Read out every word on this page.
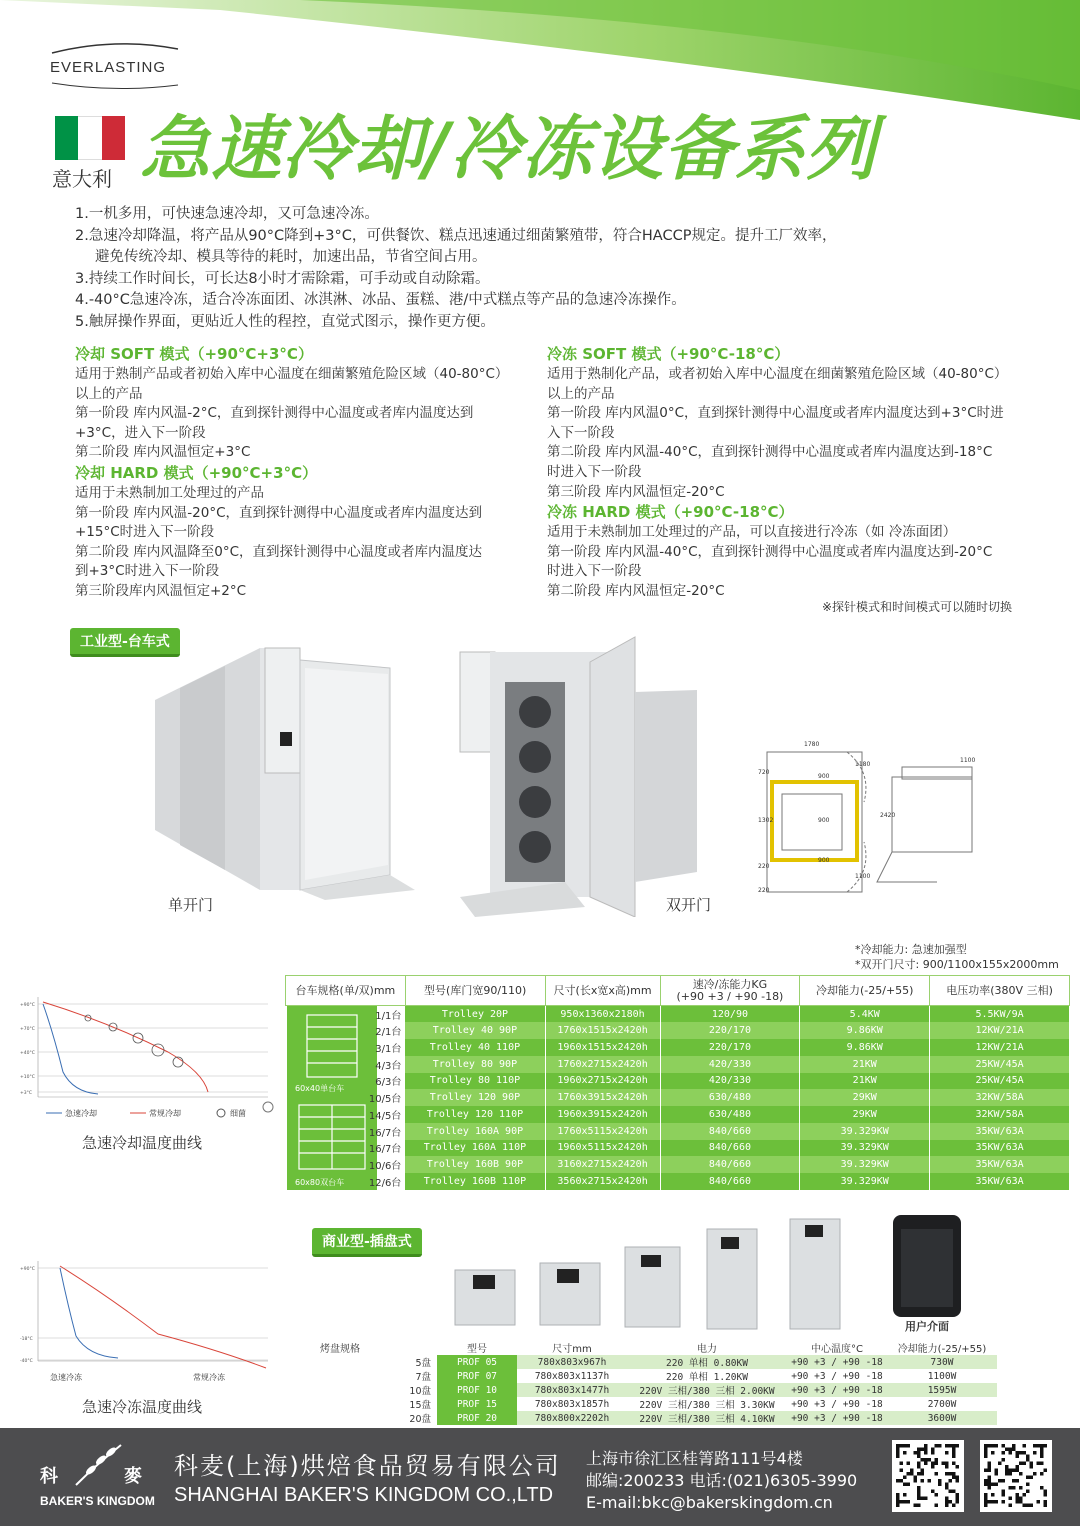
EVERLASTING
意大利 急速冷却/冷冻设备系列
1.一机多用，可快速急速冷却，又可急速冷冻。
2.急速冷却降温，将产品从90°C降到+3°C，可供餐饮、糕点迅速通过细菌繁殖带，符合HACCP规定。提升工厂效率，
避免传统冷却、模具等待的耗时，加速出品，节省空间占用。
3.持续工作时间长，可长达8小时才需除霜，可手动或自动除霜。
4.-40°C急速冷冻，适合冷冻面团、冰淇淋、冰品、蛋糕、港/中式糕点等产品的急速冷冻操作。
5.触屏操作界面，更贴近人性的程控，直觉式图示，操作更方便。
冷却 SOFT 模式（+90°C+3°C）
适用于熟制产品或者初始入库中心温度在细菌繁殖危险区域（40-80°C）
以上的产品
第一阶段 库内风温-2°C，直到探针测得中心温度或者库内温度达到
+3°C，进入下一阶段
第二阶段 库内风温恒定+3°C
冷却 HARD 模式（+90°C+3°C）
适用于未熟制加工处理过的产品
第一阶段 库内风温-20°C，直到探针测得中心温度或者库内温度达到
+15°C时进入下一阶段
第二阶段 库内风温降至0°C，直到探针测得中心温度或者库内温度达
到+3°C时进入下一阶段
第三阶段库内风温恒定+2°C
冷冻 SOFT 模式（+90°C-18°C）
适用于熟制化产品，或者初始入库中心温度在细菌繁殖危险区域（40-80°C）
以上的产品
第一阶段 库内风温0°C，直到探针测得中心温度或者库内温度达到+3°C时进
入下一阶段
第二阶段 库内风温-40°C，直到探针测得中心温度或者库内温度达到-18°C
时进入下一阶段
第三阶段 库内风温恒定-20°C
冷冻 HARD 模式（+90°C-18°C）
适用于未熟制加工处理过的产品，可以直接进行冷冻（如 冷冻面团）
第一阶段 库内风温-40°C，直到探针测得中心温度或者库内温度达到-20°C
时进入下一阶段
第二阶段 库内风温恒定-20°C
※探针模式和时间模式可以随时切换
工业型-台车式
单开门	双开门
1780
1100
2420
720
900
1180
1302	900
220
900
1100
220
*冷却能力: 急速加强型
*双开门尺寸: 900/1100x155x2000mm
+90°C
+70°C
+40°C
+10°C
+3°C
急速冷却	常规冷却	细菌
急速冷却温度曲线
+90°C
-18°C
-40°C
急速冷冻	常规冷冻
急速冷冻温度曲线
60x40单台车
60x80双台车
台车规格(单/双)mm	型号(库门宽90/110)	尺寸(长x宽x高)mm	速冷/冻能力KG
(+90 +3 / +90 -18)	冷却能力(-25/+55)	电压功率(380V 三相)
1/1台	Trolley 20P	950x1360x2180h	120/90	5.4KW	5.5KW/9A
2/1台	Trolley 40 90P	1760x1515x2420h	220/170	9.86KW	12KW/21A
3/1台	Trolley 40 110P	1960x1515x2420h	220/170	9.86KW	12KW/21A
4/3台	Trolley 80 90P	1760x2715x2420h	420/330	21KW	25KW/45A
6/3台	Trolley 80 110P	1960x2715x2420h	420/330	21KW	25KW/45A
10/5台	Trolley 120 90P	1760x3915x2420h	630/480	29KW	32KW/58A
14/5台	Trolley 120 110P	1960x3915x2420h	630/480	29KW	32KW/58A
16/7台	Trolley 160A 90P	1760x5115x2420h	840/660	39.329KW	35KW/63A
16/7台	Trolley 160A 110P	1960x5115x2420h	840/660	39.329KW	35KW/63A
10/6台	Trolley 160B 90P	3160x2715x2420h	840/660	39.329KW	35KW/63A
12/6台	Trolley 160B 110P	3560x2715x2420h	840/660	39.329KW	35KW/63A
商业型-插盘式
用户介面
烤盘规格
		型号	尺寸mm	电力	中心温度°C	冷却能力(-25/+55)
5盘	PROF 05	780x803x967h	220 单相 0.80KW	+90 +3 / +90 -18	730W
7盘	PROF 07	780x803x1137h	220 单相 1.20KW	+90 +3 / +90 -18	1100W
10盘	PROF 10	780x803x1477h	220V 三相/380 三相 2.00KW	+90 +3 / +90 -18	1595W
15盘	PROF 15	780x803x1857h	220V 三相/380 三相 3.30KW	+90 +3 / +90 -18	2700W
20盘	PROF 20	780x800x2202h	220V 三相/380 三相 4.10KW	+90 +3 / +90 -18	3600W
科	麥
BAKER'S KINGDOM
科麦(上海)烘焙食品贸易有限公司
SHANGHAI BAKER'S KINGDOM CO.,LTD
上海市徐汇区桂箐路111号4楼
邮编:200233 电话:(021)6305-3990
E-mail:bkc@bakerskingdom.cn
